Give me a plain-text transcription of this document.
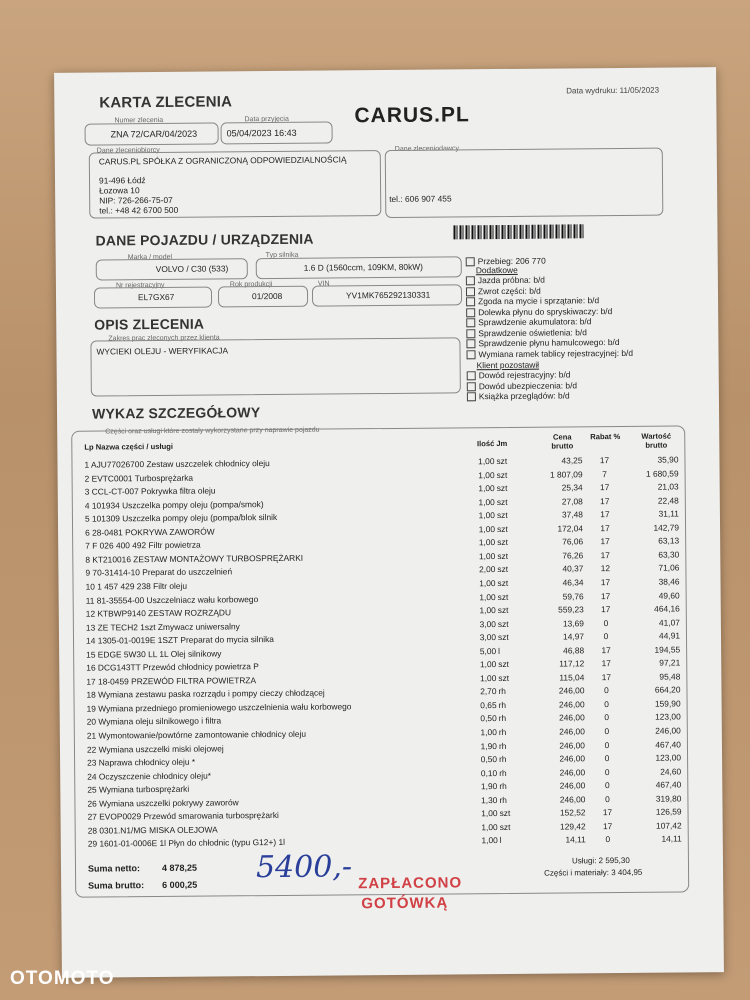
KARTA ZLECENIA
Numer zlecenia
ZNA 72/CAR/04/2023
Data przyjęcia
05/04/2023 16:43
CARUS.PL
Data wydruku: 11/05/2023
Dane zleceniobiorcy
CARUS.PL SPÓŁKA Z OGRANICZONĄ ODPOWIEDZIALNOŚCIĄ
91-496 Łódź
Łozowa 10
NIP: 726-266-75-07
tel.: +48 42 6700 500
Dane zleceniodawcy
tel.: 606 907 455
DANE POJAZDU / URZĄDZENIA
Marka / model
VOLVO / C30 (533)
Typ silnika
1.6 D (1560ccm, 109KM, 80kW)
Nr rejestracyjny
EL7GX67
Rok produkcji
01/2008
VIN
YV1MK765292130331
OPIS ZLECENIA
Zakres prac zleconych przez klienta
WYCIEKI OLEJU - WERYFIKACJA
Przebieg: 206 770
Dodatkowe
Jazda próbna: b/d
Zwrot części: b/d
Zgoda na mycie i sprzątanie: b/d
Dolewka płynu do spryskiwaczy: b/d
Sprawdzenie akumulatora: b/d
Sprawdzenie oświetlenia: b/d
Sprawdzenie płynu hamulcowego: b/d
Wymiana ramek tablicy rejestracyjnej: b/d
Klient pozostawił
Dowód rejestracyjny: b/d
Dowód ubezpieczenia: b/d
Książka przeglądów: b/d
WYKAZ SZCZEGÓŁOWY
Części oraz usługi które zostały wykorzystane przy naprawie pojazdu
Lp Nazwa części / usługi	Ilość Jm
Cena brutto
Rabat %	Wartość brutto
1 AJU77026700 Zestaw uszczelek chłodnicy oleju	1,00 szt	43,25	17	35,90
2 EVTC0001 Turbosprężarka	1,00 szt	1 807,09	7	1 680,59
3 CCL-CT-007 Pokrywka filtra oleju	1,00 szt	25,34	17	21,03
4 101934 Uszczelka pompy oleju (pompa/smok)	1,00 szt	27,08	17	22,48
5 101309 Uszczelka pompy oleju (pompa/blok silnik	1,00 szt	37,48	17	31,11
6 28-0481 POKRYWA ZAWORÓW	1,00 szt	172,04	17	142,79
7 F 026 400 492 Filtr powietrza	1,00 szt	76,06	17	63,13
8 KT210016 ZESTAW MONTAŻOWY TURBOSPRĘŻARKI	1,00 szt	76,26	17	63,30
9 70-31414-10 Preparat do uszczelnień	2,00 szt	40,37	12	71,06
10 1 457 429 238 Filtr oleju	1,00 szt	46,34	17	38,46
11 81-35554-00 Uszczelniacz wału korbowego	1,00 szt	59,76	17	49,60
12 KTBWP9140 ZESTAW ROZRZĄDU	1,00 szt	559,23	17	464,16
13 ZE TECH2 1szt Zmywacz uniwersalny	3,00 szt	13,69	0	41,07
14 1305-01-0019E 1SZT Preparat do mycia silnika	3,00 szt	14,97	0	44,91
15 EDGE 5W30 LL 1L Olej silnikowy	5,00 l	46,88	17	194,55
16 DCG143TT Przewód chłodnicy powietrza P	1,00 szt	117,12	17	97,21
17 18-0459 PRZEWÓD FILTRA POWIETRZA	1,00 szt	115,04	17	95,48
18 Wymiana zestawu paska rozrządu i pompy cieczy chłodzącej	2,70 rh	246,00	0	664,20
19 Wymiana przedniego promieniowego uszczelnienia wału korbowego	0,65 rh	246,00	0	159,90
20 Wymiana oleju silnikowego i filtra	0,50 rh	246,00	0	123,00
21 Wymontowanie/powtórne zamontowanie chłodnicy oleju	1,00 rh	246,00	0	246,00
22 Wymiana uszczelki miski olejowej	1,90 rh	246,00	0	467,40
23 Naprawa chłodnicy oleju *	0,50 rh	246,00	0	123,00
24 Oczyszczenie chłodnicy oleju*	0,10 rh	246,00	0	24,60
25 Wymiana turbosprężarki	1,90 rh	246,00	0	467,40
26 Wymiana uszczelki pokrywy zaworów	1,30 rh	246,00	0	319,80
27 EVOP0029 Przewód smarowania turbosprężarki	1,00 szt	152,52	17	126,59
28 0301.N1/MG MISKA OLEJOWA	1,00 szt	129,42	17	107,42
29 1601-01-0006E 1l Płyn do chłodnic (typu G12+) 1l	1,00 l	14,11	0	14,11
Suma netto: 4 878,25
Suma brutto: 6 000,25
Usługi: 2 595,30
Części i materiały: 3 404,95
5400,- ZAPŁACONO
GOTÓWKĄ
OTOMOTO
